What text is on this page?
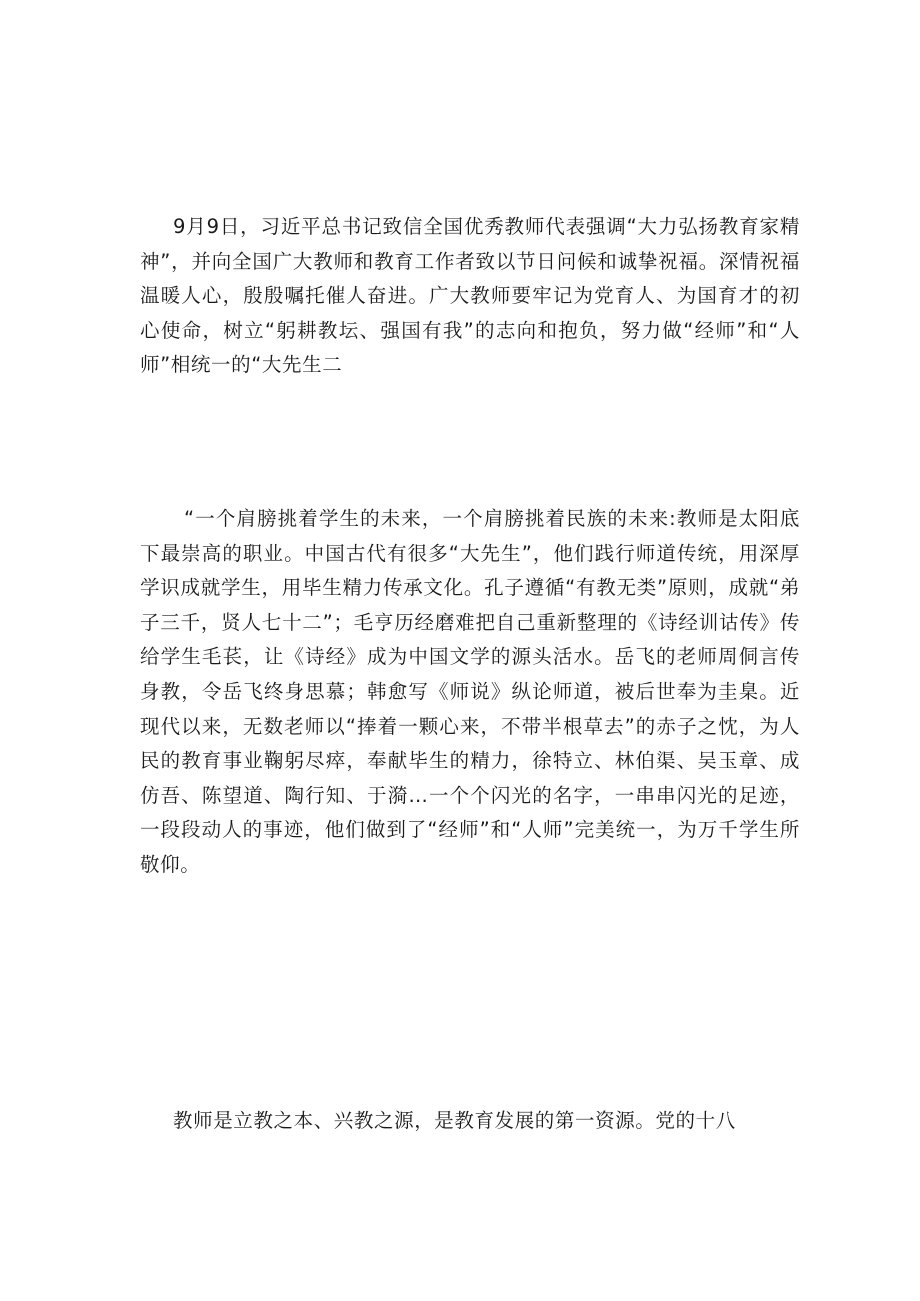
9月9日，习近平总书记致信全国优秀教师代表强调“大力弘扬教育家精神”，并向全国广大教师和教育工作者致以节日问候和诚挚祝福。深情祝福温暖人心，殷殷嘱托催人奋进。广大教师要牢记为党育人、为国育才的初心使命，树立“躬耕教坛、强国有我”的志向和抱负，努力做“经师”和“人师”相统一的“大先生二

“一个肩膀挑着学生的未来，一个肩膀挑着民族的未来:教师是太阳底下最崇高的职业。中国古代有很多“大先生”，他们践行师道传统，用深厚学识成就学生，用毕生精力传承文化。孔子遵循“有教无类”原则，成就“弟子三千，贤人七十二”；毛亨历经磨难把自己重新整理的《诗经训诂传》传给学生毛苌，让《诗经》成为中国文学的源头活水。岳飞的老师周侗言传身教，令岳飞终身思慕；韩愈写《师说》纵论师道，被后世奉为圭臬。近现代以来，无数老师以“捧着一颗心来，不带半根草去”的赤子之忱，为人民的教育事业鞠躬尽瘁，奉献毕生的精力，徐特立、林伯渠、吴玉章、成仿吾、陈望道、陶行知、于漪…一个个闪光的名字，一串串闪光的足迹，一段段动人的事迹，他们做到了“经师”和“人师”完美统一，为万千学生所敬仰。

教师是立教之本、兴教之源，是教育发展的第一资源。党的十八
